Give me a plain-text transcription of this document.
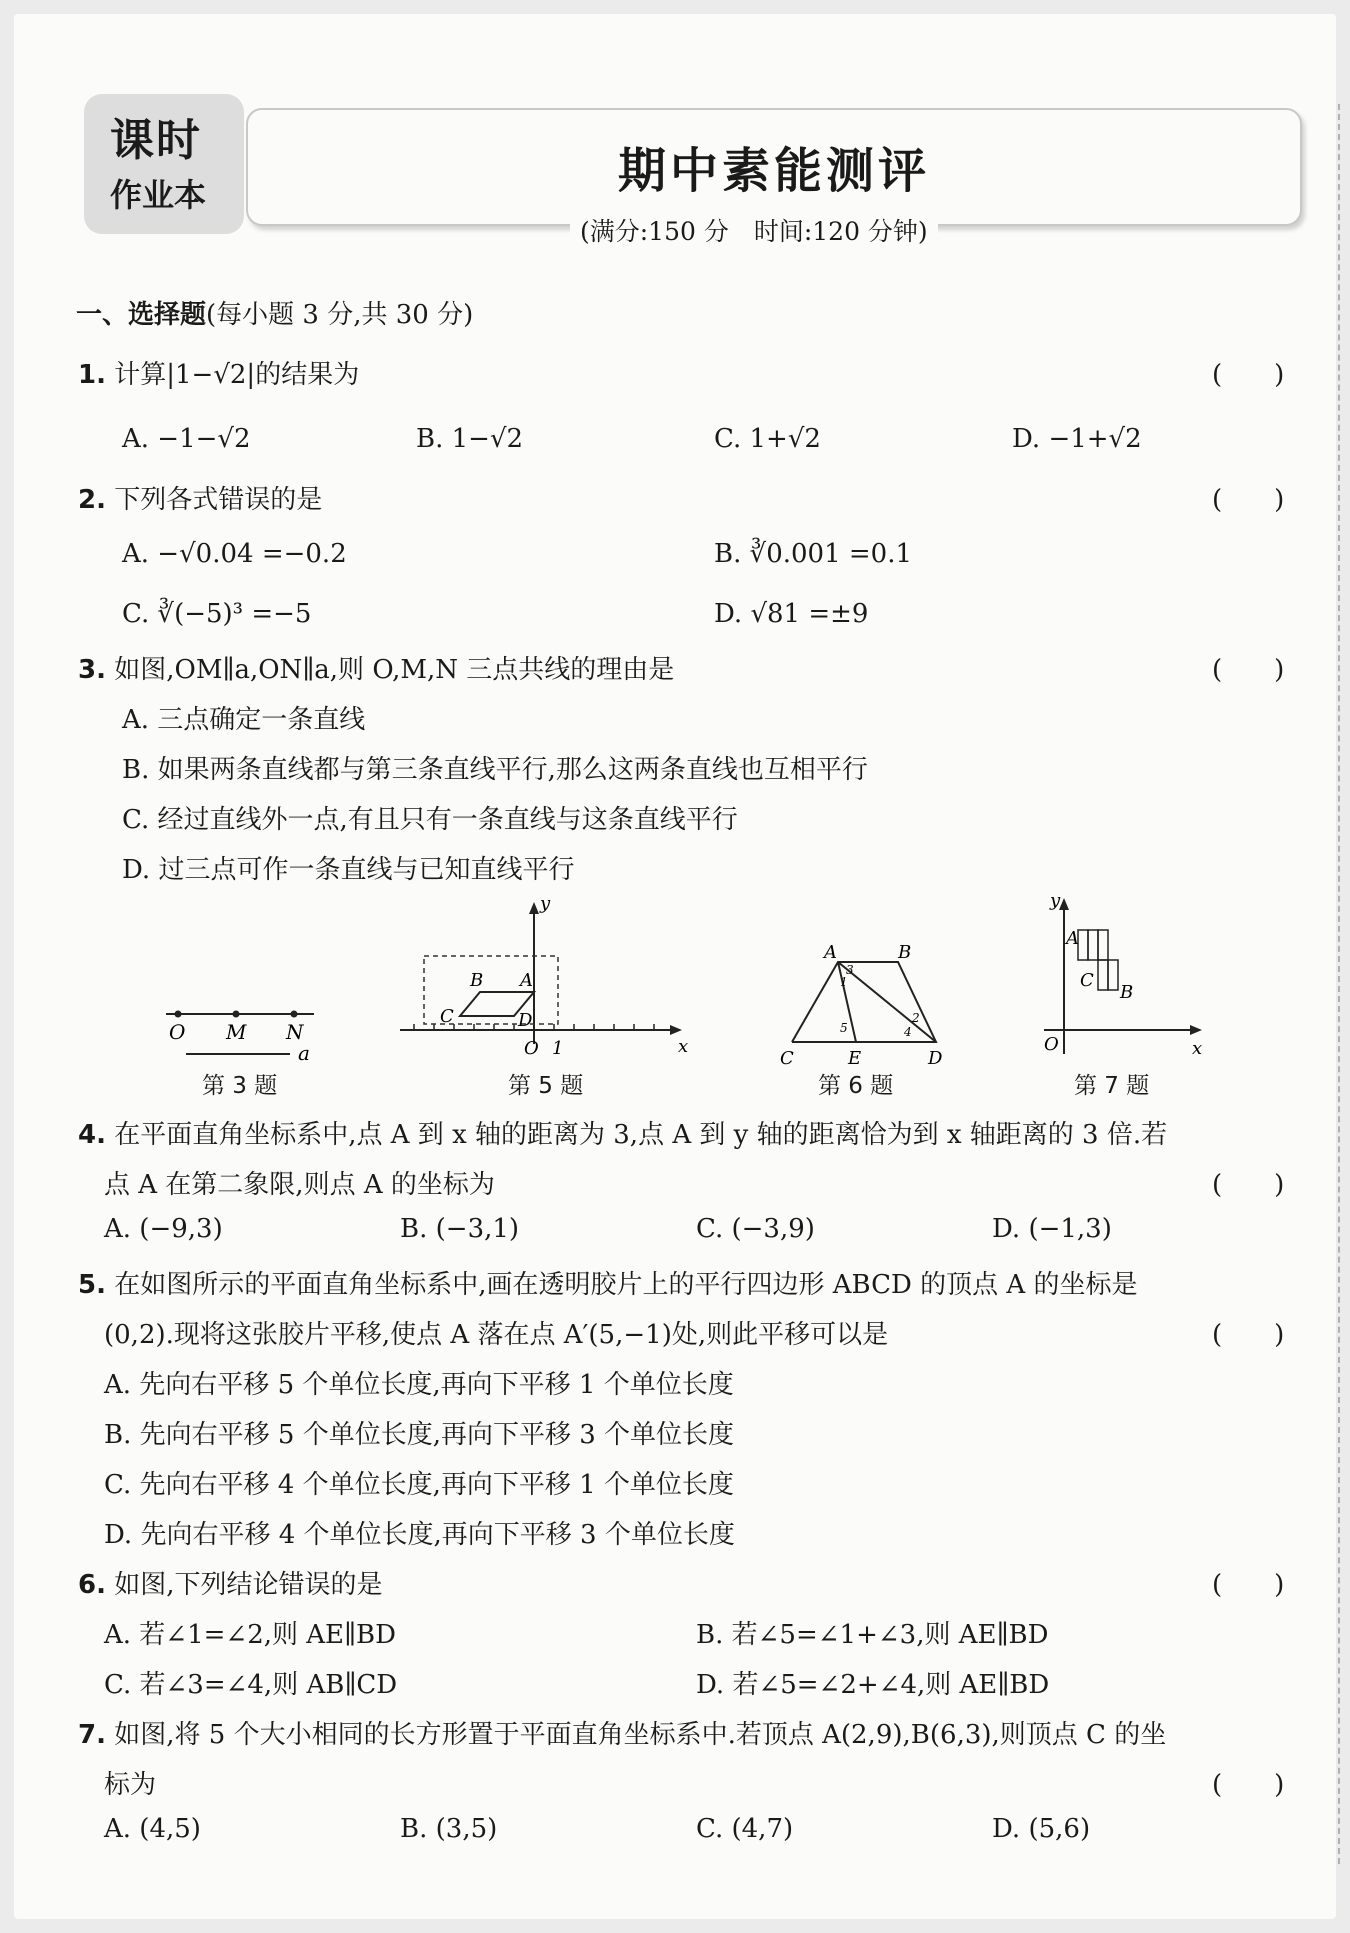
课时
作业本	期中素能测评
(满分:150 分　时间:120 分钟)
一、选择题(每小题 3 分,共 30 分)
1. 计算|1−√2|的结果为	(　　)
A. −1−√2	B. 1−√2	C. 1+√2	D. −1+√2
2. 下列各式错误的是	(　　)
A. −√0.04 =−0.2	B. ∛0.001 =0.1
C. ∛(−5)³ =−5	D. √81 =±9
3. 如图,OM∥a,ON∥a,则 O,M,N 三点共线的理由是	(　　)
A. 三点确定一条直线
B. 如果两条直线都与第三条直线平行,那么这两条直线也互相平行
C. 经过直线外一点,有且只有一条直线与这条直线平行
D. 过三点可作一条直线与已知直线平行
O M N
a
y
B A
C	D
O 1	x
A	B
3
1
2
5	4
C	E	D
y
A
C
B
O	x
第 3 题	第 5 题	第 6 题	第 7 题
4. 在平面直角坐标系中,点 A 到 x 轴的距离为 3,点 A 到 y 轴的距离恰为到 x 轴距离的 3 倍.若
点 A 在第二象限,则点 A 的坐标为	(　　)
A. (−9,3)	B. (−3,1)	C. (−3,9)	D. (−1,3)
5. 在如图所示的平面直角坐标系中,画在透明胶片上的平行四边形 ABCD 的顶点 A 的坐标是
(0,2).现将这张胶片平移,使点 A 落在点 A′(5,−1)处,则此平移可以是	(　　)
A. 先向右平移 5 个单位长度,再向下平移 1 个单位长度
B. 先向右平移 5 个单位长度,再向下平移 3 个单位长度
C. 先向右平移 4 个单位长度,再向下平移 1 个单位长度
D. 先向右平移 4 个单位长度,再向下平移 3 个单位长度
6. 如图,下列结论错误的是	(　　)
A. 若∠1=∠2,则 AE∥BD	B. 若∠5=∠1+∠3,则 AE∥BD
C. 若∠3=∠4,则 AB∥CD	D. 若∠5=∠2+∠4,则 AE∥BD
7. 如图,将 5 个大小相同的长方形置于平面直角坐标系中.若顶点 A(2,9),B(6,3),则顶点 C 的坐
标为	(　　)
A. (4,5)	B. (3,5)	C. (4,7)	D. (5,6)
